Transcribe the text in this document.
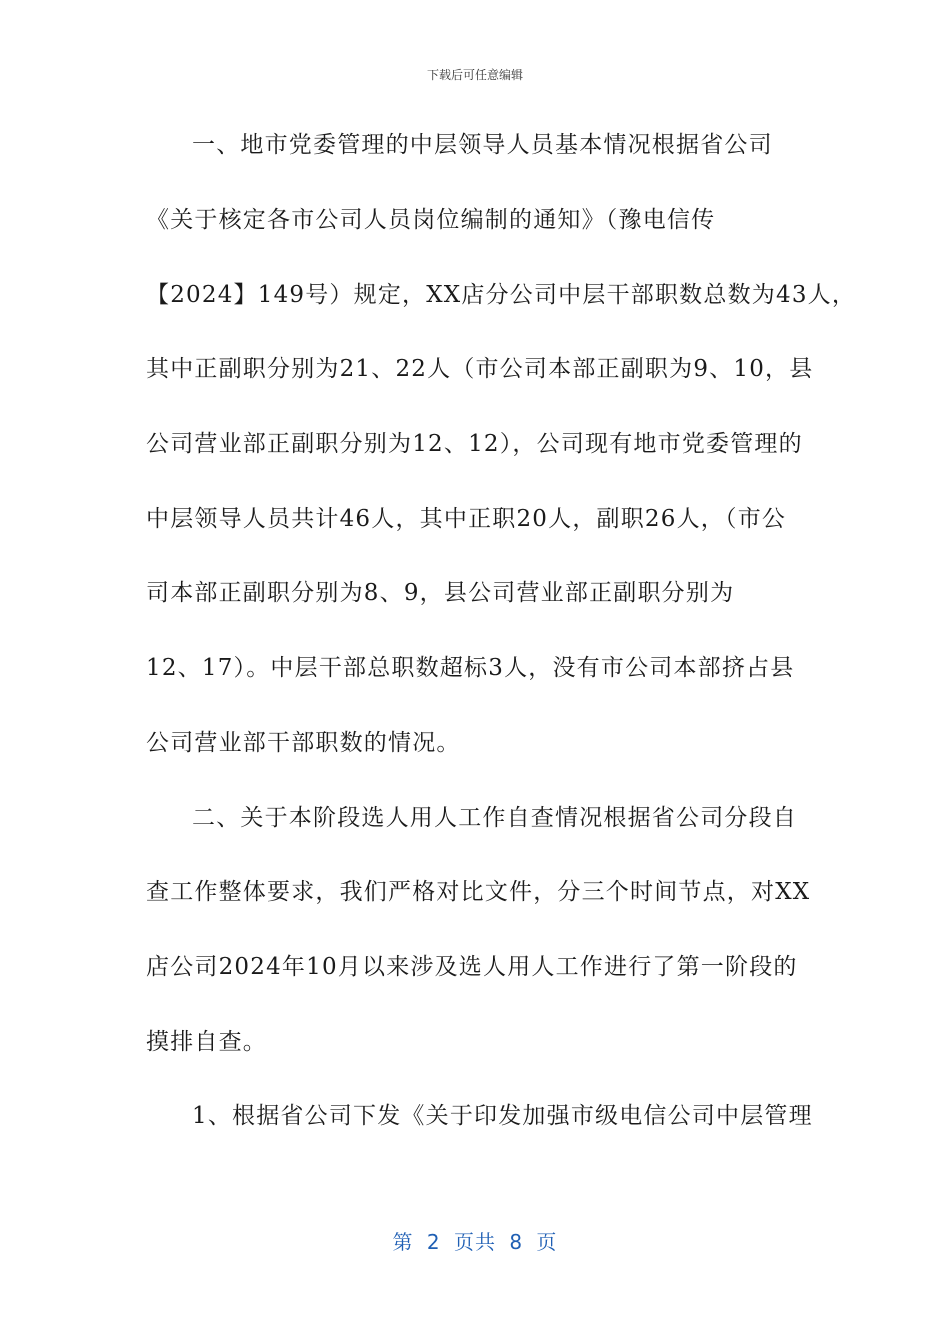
下载后可任意编辑
一、地市党委管理的中层领导人员基本情况根据省公司
《关于核定各市公司人员岗位编制的通知》（豫电信传
【2024】149号）规定，XX店分公司中层干部职数总数为43人，
其中正副职分别为21、22人（市公司本部正副职为9、10，县
公司营业部正副职分别为12、12），公司现有地市党委管理的
中层领导人员共计46人，其中正职20人，副职26人，（市公
司本部正副职分别为8、9，县公司营业部正副职分别为
12、17）。中层干部总职数超标3人，没有市公司本部挤占县
公司营业部干部职数的情况。
二、关于本阶段选人用人工作自查情况根据省公司分段自
查工作整体要求，我们严格对比文件，分三个时间节点，对XX
店公司2024年10月以来涉及选人用人工作进行了第一阶段的
摸排自查。
1、根据省公司下发《关于印发加强市级电信公司中层管理
第 2 页共 8 页
